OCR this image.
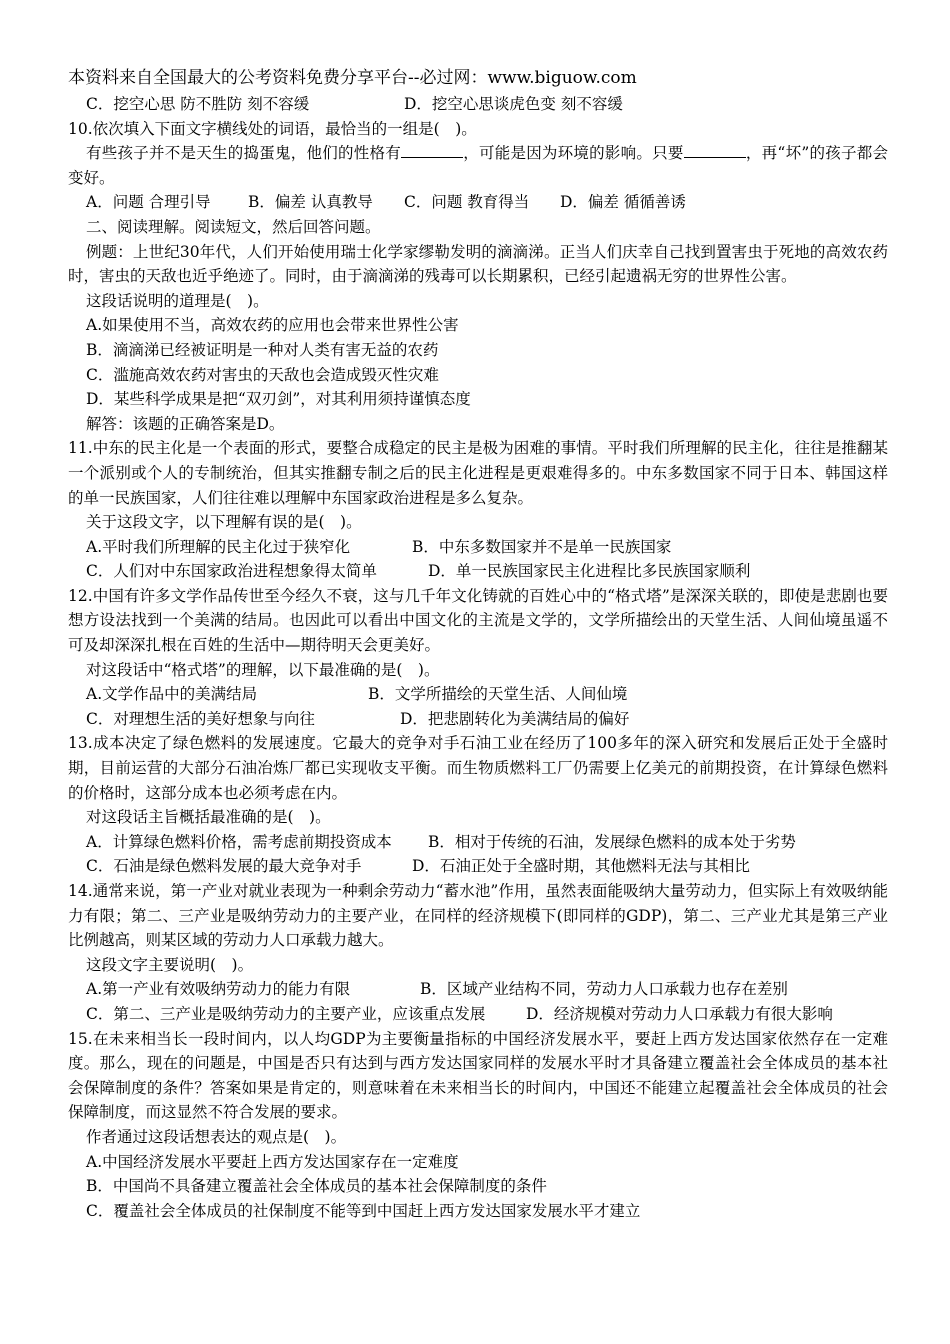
本资料来自全国最大的公考资料免费分享平台--必过网：www.biguow.com
C．挖空心思 防不胜防 刻不容缓	D．挖空心思谈虎色变 刻不容缓
10.依次填入下面文字横线处的词语，最恰当的一组是(　)。
有些孩子并不是天生的捣蛋鬼，他们的性格有	，可能是因为环境的影响。只要	，再“坏”的孩子都会变好。
A．问题 合理引导 B．偏差 认真教导 C．问题 教育得当 D．偏差 循循善诱
二、阅读理解。阅读短文，然后回答问题。
例题：上世纪30年代，人们开始使用瑞士化学家缪勒发明的滴滴涕。正当人们庆幸自己找到置害虫于死地的高效农药时，害虫的天敌也近乎绝迹了。同时，由于滴滴涕的残毒可以长期累积，已经引起遗祸无穷的世界性公害。
这段话说明的道理是(　)。
A.如果使用不当，高效农药的应用也会带来世界性公害
B．滴滴涕已经被证明是一种对人类有害无益的农药
C．滥施高效农药对害虫的天敌也会造成毁灭性灾难
D．某些科学成果是把“双刃剑”，对其利用须持谨慎态度
解答：该题的正确答案是D。
11.中东的民主化是一个表面的形式，要整合成稳定的民主是极为困难的事情。平时我们所理解的民主化，往往是推翻某一个派别或个人的专制统治，但其实推翻专制之后的民主化进程是更艰难得多的。中东多数国家不同于日本、韩国这样的单一民族国家，人们往往难以理解中东国家政治进程是多么复杂。
关于这段文字，以下理解有误的是(　)。
A.平时我们所理解的民主化过于狭窄化	B．中东多数国家并不是单一民族国家
C．人们对中东国家政治进程想象得太简单	D．单一民族国家民主化进程比多民族国家顺利
12.中国有许多文学作品传世至今经久不衰，这与几千年文化铸就的百姓心中的“格式塔”是深深关联的，即使是悲剧也要想方设法找到一个美满的结局。也因此可以看出中国文化的主流是文学的，文学所描绘出的天堂生活、人间仙境虽遥不可及却深深扎根在百姓的生活中—期待明天会更美好。
对这段话中“格式塔”的理解，以下最准确的是(　)。
A.文学作品中的美满结局	B．文学所描绘的天堂生活、人间仙境
C．对理想生活的美好想象与向往	D．把悲剧转化为美满结局的偏好
13.成本决定了绿色燃料的发展速度。它最大的竞争对手石油工业在经历了100多年的深入研究和发展后正处于全盛时期，目前运营的大部分石油冶炼厂都已实现收支平衡。而生物质燃料工厂仍需要上亿美元的前期投资，在计算绿色燃料的价格时，这部分成本也必须考虑在内。
对这段话主旨概括最准确的是(　)。
A．计算绿色燃料价格，需考虑前期投资成本 B．相对于传统的石油，发展绿色燃料的成本处于劣势
C．石油是绿色燃料发展的最大竞争对手	D．石油正处于全盛时期，其他燃料无法与其相比
14.通常来说，第一产业对就业表现为一种剩余劳动力“蓄水池”作用，虽然表面能吸纳大量劳动力，但实际上有效吸纳能力有限；第二、三产业是吸纳劳动力的主要产业，在同样的经济规模下(即同样的GDP)，第二、三产业尤其是第三产业比例越高，则某区域的劳动力人口承载力越大。
这段文字主要说明(　)。
A.第一产业有效吸纳劳动力的能力有限	B．区域产业结构不同，劳动力人口承载力也存在差别
C．第二、三产业是吸纳劳动力的主要产业，应该重点发展	D．经济规模对劳动力人口承载力有很大影响
15.在未来相当长一段时间内，以人均GDP为主要衡量指标的中国经济发展水平，要赶上西方发达国家依然存在一定难度。那么，现在的问题是，中国是否只有达到与西方发达国家同样的发展水平时才具备建立覆盖社会全体成员的基本社会保障制度的条件？答案如果是肯定的，则意味着在未来相当长的时间内，中国还不能建立起覆盖社会全体成员的社会保障制度，而这显然不符合发展的要求。
作者通过这段话想表达的观点是(　)。
A.中国经济发展水平要赶上西方发达国家存在一定难度
B．中国尚不具备建立覆盖社会全体成员的基本社会保障制度的条件
C．覆盖社会全体成员的社保制度不能等到中国赶上西方发达国家发展水平才建立
